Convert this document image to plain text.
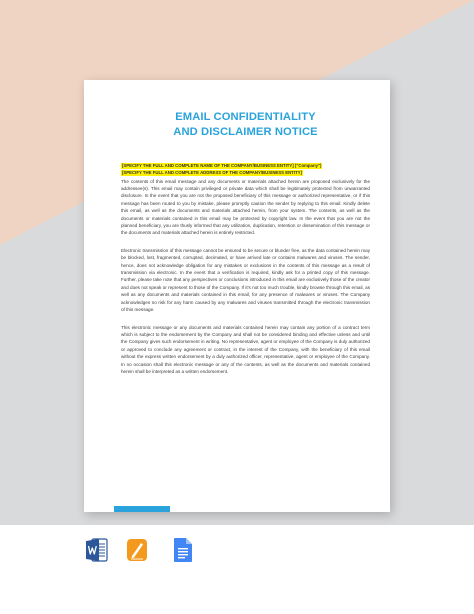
EMAIL CONFIDENTIALITY
AND DISCLAIMER NOTICE
[SPECIFY THE FULL AND COMPLETE NAME OF THE COMPANY/BUSINESS ENTITY] ("Company")
[SPECIFY THE FULL AND COMPLETE ADDRESS OF THE COMPANY/BUSINESS ENTITY]

The contents of this email message and any documents or materials attached herein are proposed exclusively for the addressee(s). This email may contain privileged or private data which shall be legitimately protected from unwarranted disclosure. In the event that you are not the proposed beneficiary of this message or authorized representative, or if this message has been routed to you by mistake, please promptly caution the sender by replying to this email. Kindly delete this email, as well as the documents and materials attached herein, from your system. The contents, as well as the documents or materials contained in this email may be protected by copyright law. In the event that you are not the planned beneficiary, you are thusly informed that any utilization, duplication, retention or dissemination of this message or the documents and materials attached herein is entirely restricted.

Electronic transmission of this message cannot be ensured to be secure or blunder free, as the data contained herein may be blocked, lost, fragmented, corrupted, decimated, or have arrived late or contains malwares and viruses. The sender, hence, does not acknowledge obligation for any mistakes or exclusions in the contents of this message as a result of transmission via electronic. In the event that a verification is required, kindly ask for a printed copy of this message. Further, please take note that any perspectives or conclusions introduced in this email are exclusively those of the creator and does not speak or represent to those of the Company. If it's not too much trouble, kindly browse through this email, as well as any documents and materials contained in this email, for any presence of malwares or viruses. The Company acknowledges no risk for any harm caused by any malwares and viruses transmitted through the electronic transmission of this message.

This electronic message or any documents and materials contained herein may contain any portion of a contract term which is subject to the endorsement by the Company and shall not be considered binding and effective unless and until the Company gives such endorsement in writing. No representative, agent or employee of the Company is duly authorized or approved to conclude any agreement or contract, in the interest of the Company, with the beneficiary of this email without the express written endorsement by a duly authorized officer, representative, agent or employee of the Company. In no occasion shall this electronic message or any of the contents, as well as the documents and materials contained herein shall be interpreted as a written endorsement.
